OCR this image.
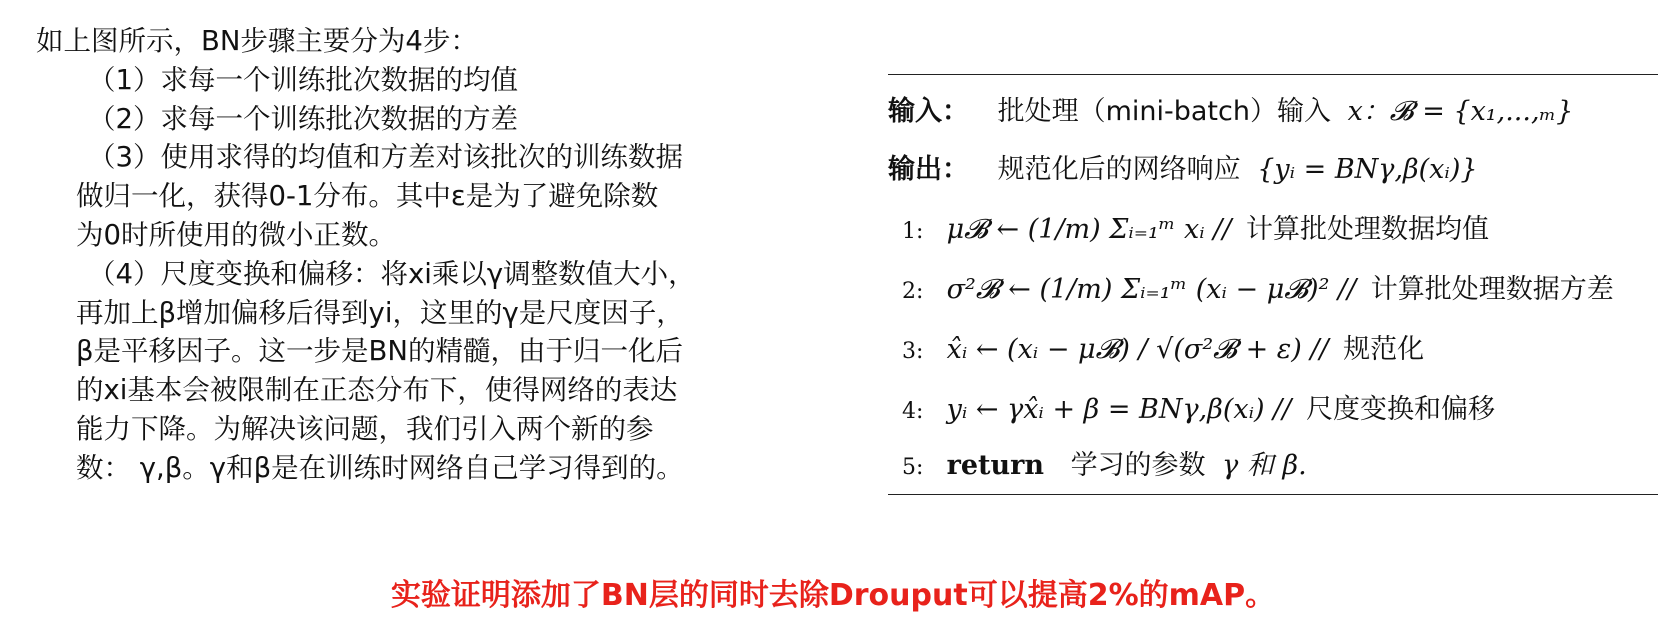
如上图所示，BN步骤主要分为4步：
（1）求每一个训练批次数据的均值
（2）求每一个训练批次数据的方差
（3）使用求得的均值和方差对该批次的训练数据
做归一化，获得0-1分布。其中ε是为了避免除数
为0时所使用的微小正数。
（4）尺度变换和偏移：将xi乘以γ调整数值大小，
再加上β增加偏移后得到yi，这里的γ是尺度因子，
β是平移因子。这一步是BN的精髓，由于归一化后
的xi基本会被限制在正态分布下，使得网络的表达
能力下降。为解决该问题，我们引入两个新的参
数： γ,β。γ和β是在训练时网络自己学习得到的。
输入： 批处理（mini-batch）输入 x：𝓑 = {x₁,...,ₘ}
输出： 规范化后的网络响应 {yᵢ = BNγ,β(xᵢ)}
1: μ𝓑 ← (1/m) Σᵢ₌₁ᵐ xᵢ // 计算批处理数据均值
2: σ²𝓑 ← (1/m) Σᵢ₌₁ᵐ (xᵢ − μ𝓑)² // 计算批处理数据方差
3: x̂ᵢ ← (xᵢ − μ𝓑) / √(σ²𝓑 + ε) // 规范化
4: yᵢ ← γx̂ᵢ + β = BNγ,β(xᵢ) // 尺度变换和偏移
5: return 学习的参数 γ 和 β.
实验证明添加了BN层的同时去除Drouput可以提高2%的mAP。
